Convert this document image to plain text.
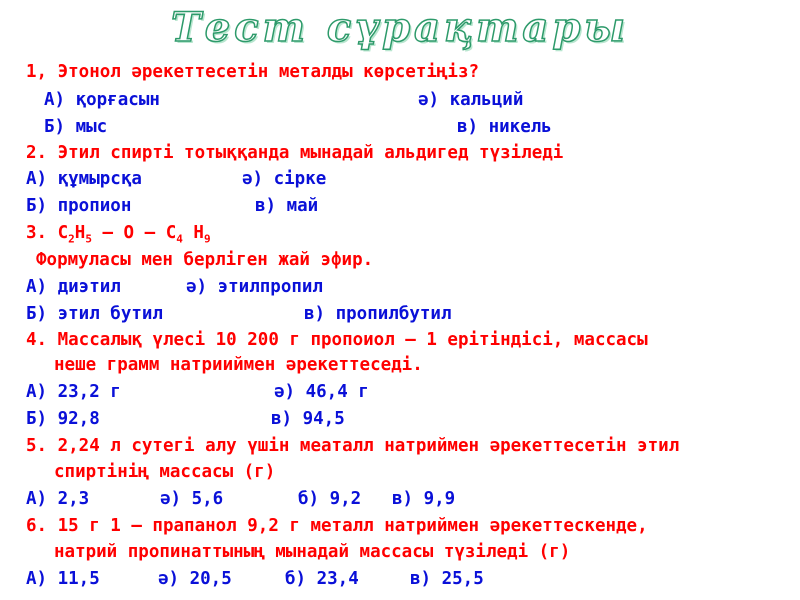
Тест сұрақтары
1, Этонол әрекеттесетін металды көрсетіңіз?
А) қорғасын	ә) кальций
Б) мыс	в) никель
2. Этил спирті тотыққанда мынадай альдигед түзіледі
А) құмырсқа	ә) сірке
Б) пропион	в) май
3. $С_2Н_5$ – О – $С_4$ $Н_9$
Формуласы мен берліген жай эфир.
А) диэтил	ә) этилпропил
Б) этил бутил	в) пропилбутил
4. Массалық үлесі 10 200 г пропоиол – 1 ерітіндісі, массасы
неше грамм натрииймен әрекеттеседі.
А) 23,2 г	ә) 46,4 г
Б) 92,8	в) 94,5
5. 2,24 л сутегі алу үшін меаталл натриймен әрекеттесетін этил
спиртінің массасы (г)
А) 2,3	ә) 5,6	б) 9,2 в) 9,9
6. 15 г 1 – прапанол 9,2 г металл натриймен әрекеттескенде,
натрий пропинаттының мынадай массасы түзіледі (г)
А) 11,5	ә) 20,5	б) 23,4	в) 25,5
